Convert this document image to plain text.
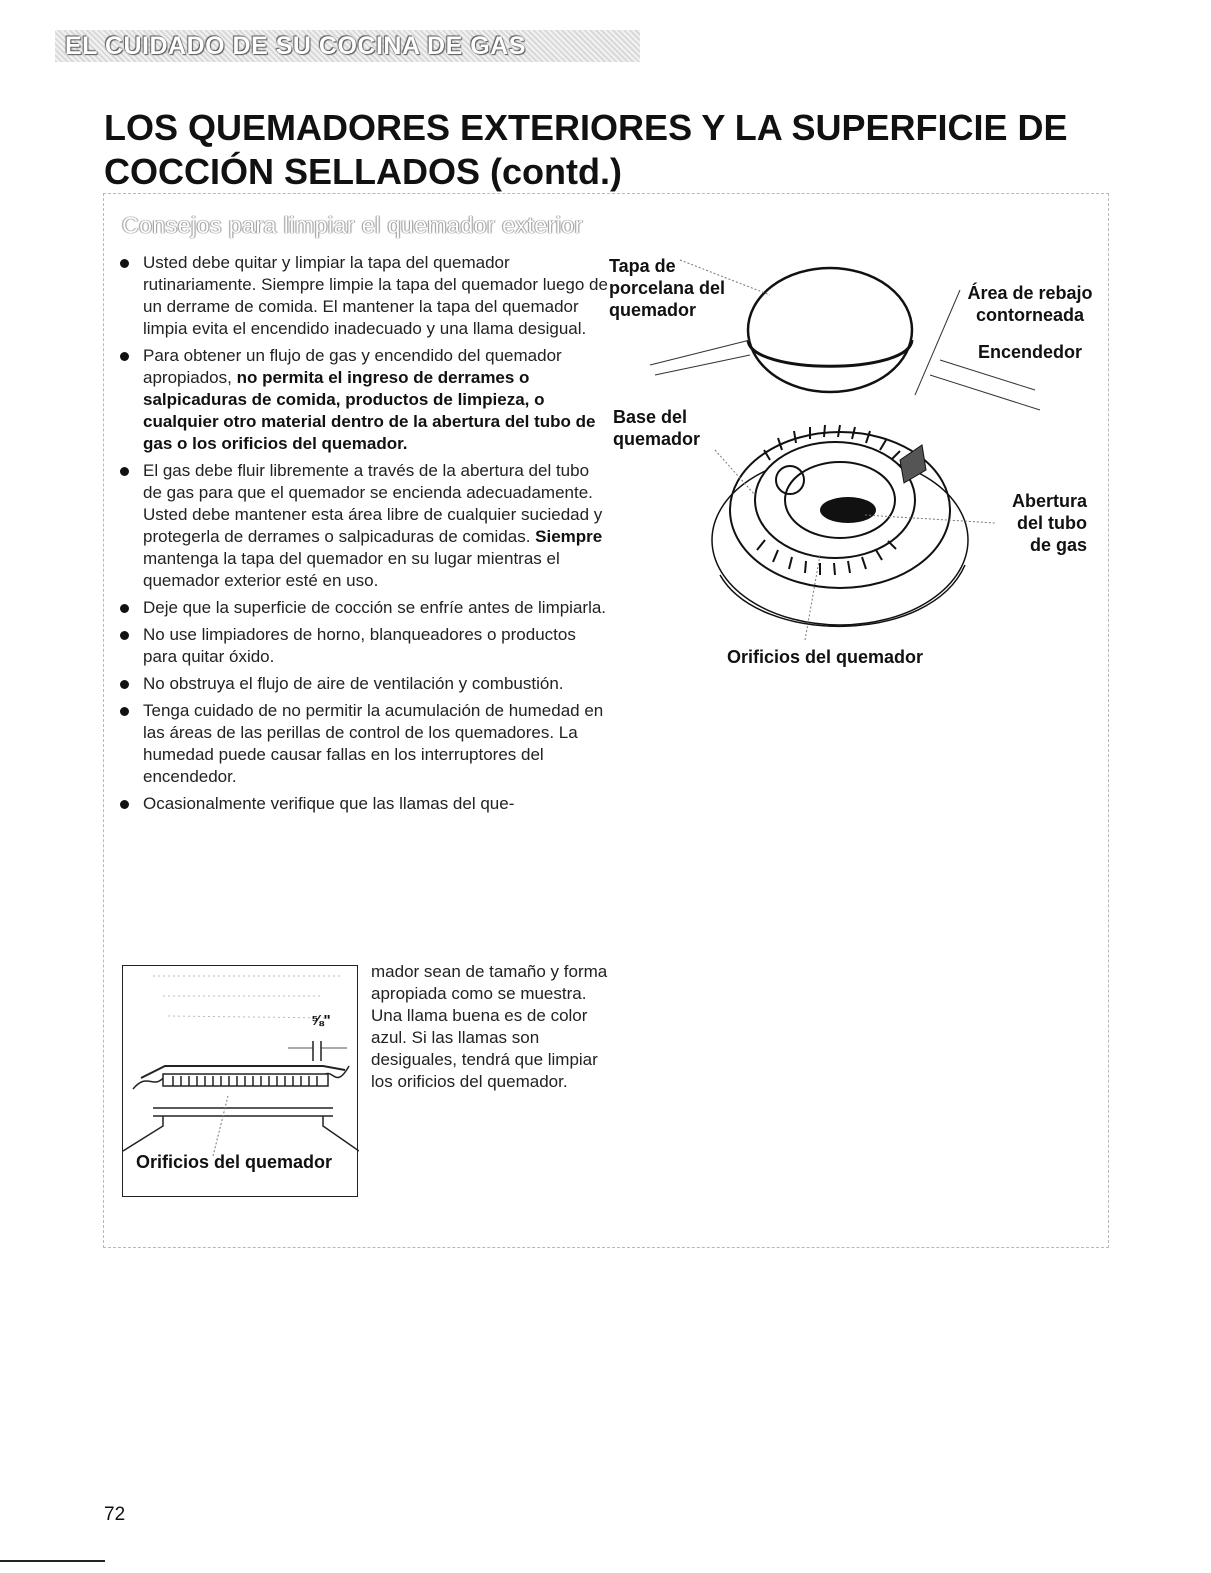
EL CUIDADO DE SU COCINA DE GAS
LOS QUEMADORES EXTERIORES Y LA SUPERFICIE DE COCCIÓN SELLADOS (contd.)
Consejos para limpiar el quemador exterior
Usted debe quitar y limpiar la tapa del quemador rutinariamente. Siempre limpie la tapa del quemador luego de un derrame de comida. El mantener la tapa del quemador limpia evita el encendido inadecuado y una llama desigual.
Para obtener un flujo de gas y encendido del quemador apropiados, no permita el ingreso de derrames o salpicaduras de comida, productos de limpieza, o cualquier otro material dentro de la abertura del tubo de gas o los orificios del quemador.
El gas debe fluir libremente a través de la abertura del tubo de gas para que el quemador se encienda adecuadamente. Usted debe mantener esta área libre de cualquier suciedad y protegerla de derrames o salpicaduras de comidas. Siempre mantenga la tapa del quemador en su lugar mientras el quemador exterior esté en uso.
Deje que la superficie de cocción se enfríe antes de limpiarla.
No use limpiadores de horno, blanqueadores o productos para quitar óxido.
No obstruya el flujo de aire de ventilación y combustión.
Tenga cuidado de no permitir la acumulación de humedad en las áreas de las perillas de control de los quemadores. La humedad puede causar fallas en los interruptores del encendedor.
Ocasionalmente verifique que las llamas del que-
⅝"
Orificios del quemador

mador sean de tamaño y forma apropiada como se muestra. Una llama buena es de color azul. Si las llamas son desiguales, tendrá que limpiar los orificios del quemador.

Tapa de porcelana del quemador
Área de rebajo contorneada
Encendedor
Base del quemador
Abertura del tubo de gas
Orificios del quemador
72
